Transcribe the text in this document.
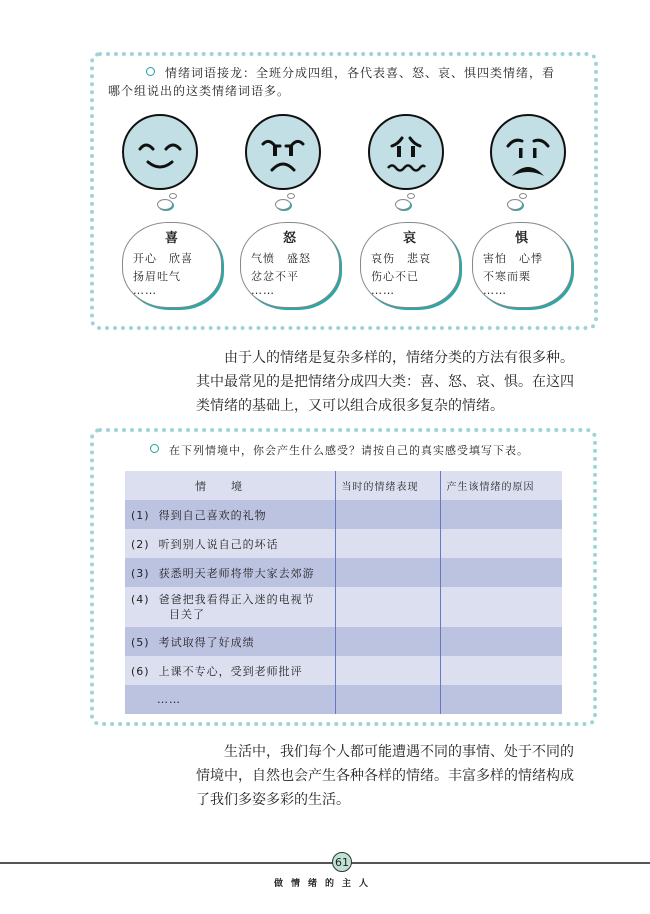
情绪词语接龙：全班分成四组，各代表喜、怒、哀、惧四类情绪，看
哪个组说出的这类情绪词语多。
喜
开心　欣喜
扬眉吐气
……
怒
气愤　盛怒
忿忿不平
……
哀
哀伤　悲哀
伤心不已
……
惧
害怕　心悸
不寒而栗
……
由于人的情绪是复杂多样的，情绪分类的方法有很多种。
其中最常见的是把情绪分成四大类：喜、怒、哀、惧。在这四
类情绪的基础上，又可以组合成很多复杂的情绪。
在下列情境中，你会产生什么感受？请按自己的真实感受填写下表。
情　　境	当时的情绪表现	产生该情绪的原因
(1) 得到自己喜欢的礼物		
(2) 听到别人说自己的坏话		
(3) 获悉明天老师将带大家去郊游		
(4) 爸爸把我看得正入迷的电视节
目关了		
(5) 考试取得了好成绩		
(6) 上课不专心，受到老师批评		
……		
生活中，我们每个人都可能遭遇不同的事情、处于不同的
情境中，自然也会产生各种各样的情绪。丰富多样的情绪构成
了我们多姿多彩的生活。
61
做情绪的主人
